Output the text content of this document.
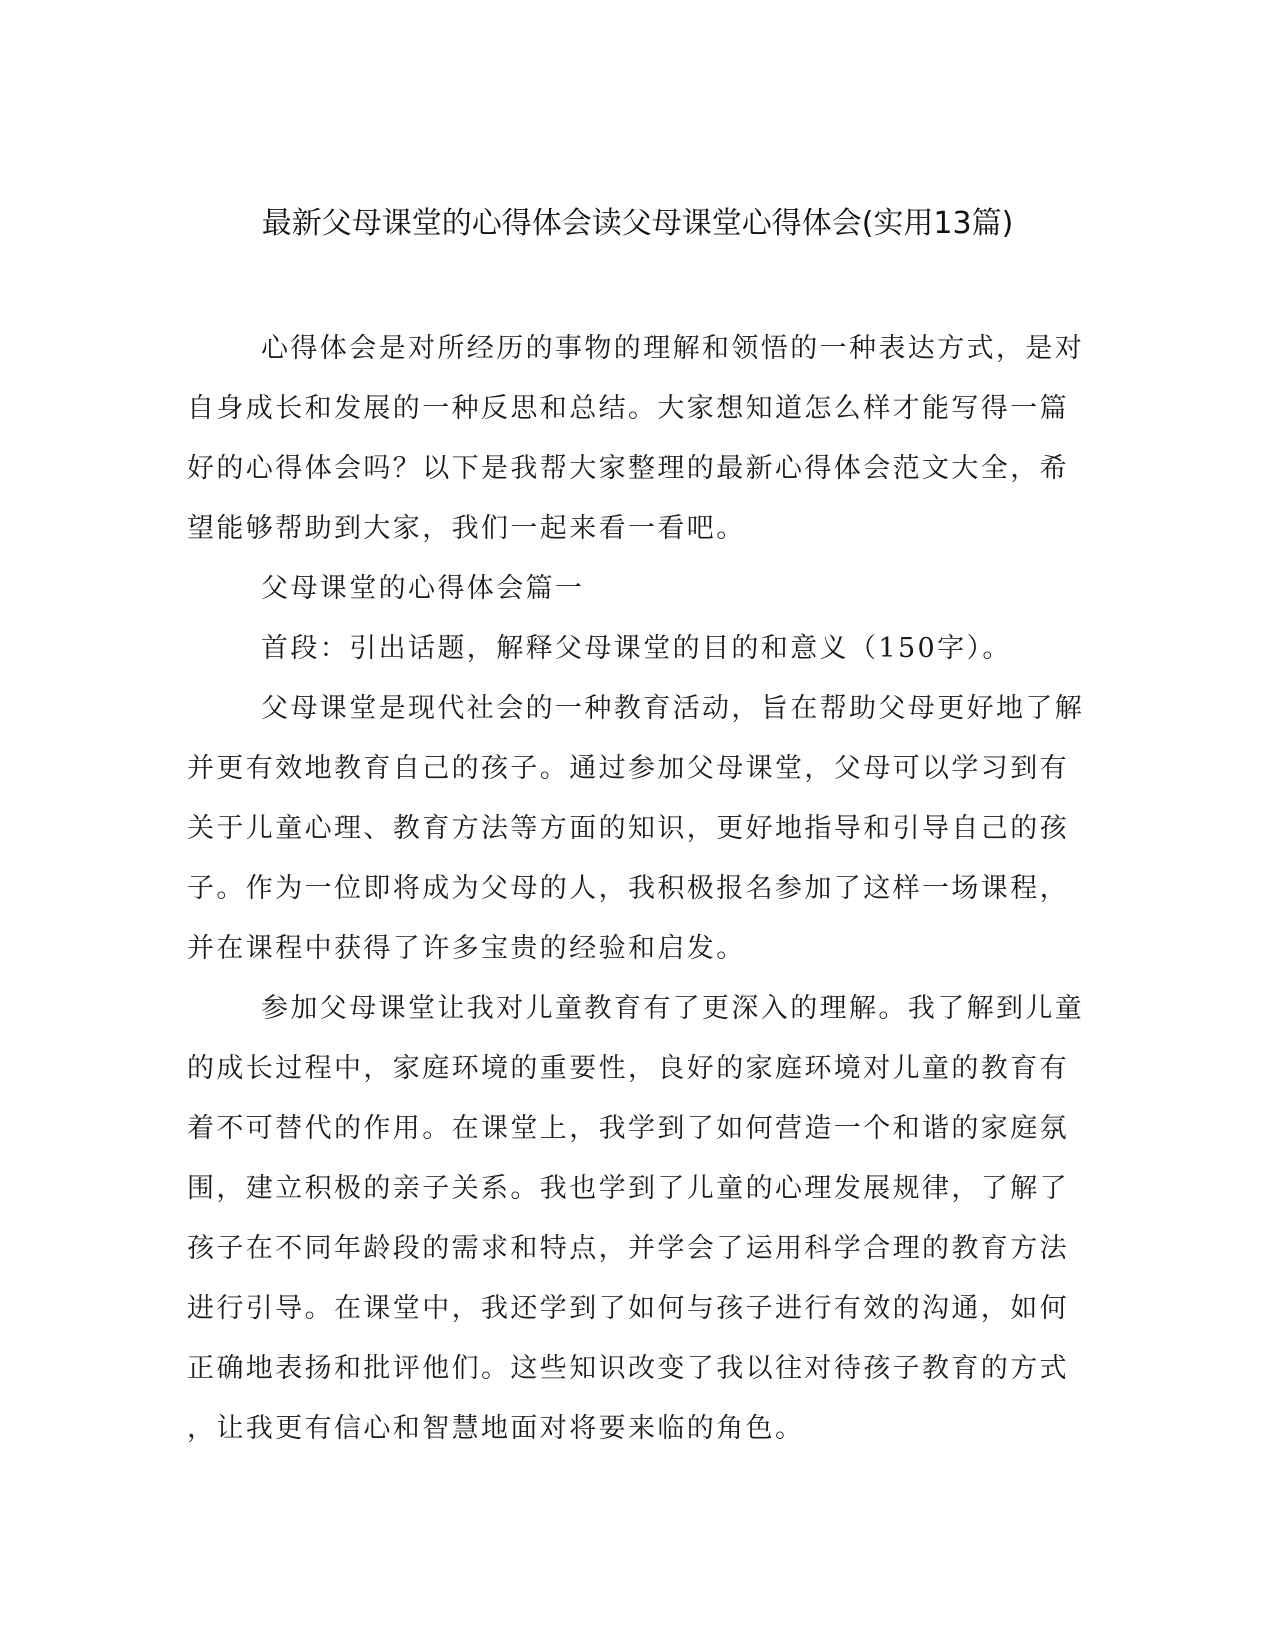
最新父母课堂的心得体会读父母课堂心得体会(实用13篇)
心得体会是对所经历的事物的理解和领悟的一种表达方式，是对
自身成长和发展的一种反思和总结。大家想知道怎么样才能写得一篇
好的心得体会吗？以下是我帮大家整理的最新心得体会范文大全，希
望能够帮助到大家，我们一起来看一看吧。
父母课堂的心得体会篇一
首段：引出话题，解释父母课堂的目的和意义（150字）。
父母课堂是现代社会的一种教育活动，旨在帮助父母更好地了解
并更有效地教育自己的孩子。通过参加父母课堂，父母可以学习到有
关于儿童心理、教育方法等方面的知识，更好地指导和引导自己的孩
子。作为一位即将成为父母的人，我积极报名参加了这样一场课程，
并在课程中获得了许多宝贵的经验和启发。
参加父母课堂让我对儿童教育有了更深入的理解。我了解到儿童
的成长过程中，家庭环境的重要性，良好的家庭环境对儿童的教育有
着不可替代的作用。在课堂上，我学到了如何营造一个和谐的家庭氛
围，建立积极的亲子关系。我也学到了儿童的心理发展规律，了解了
孩子在不同年龄段的需求和特点，并学会了运用科学合理的教育方法
进行引导。在课堂中，我还学到了如何与孩子进行有效的沟通，如何
正确地表扬和批评他们。这些知识改变了我以往对待孩子教育的方式
，让我更有信心和智慧地面对将要来临的角色。
